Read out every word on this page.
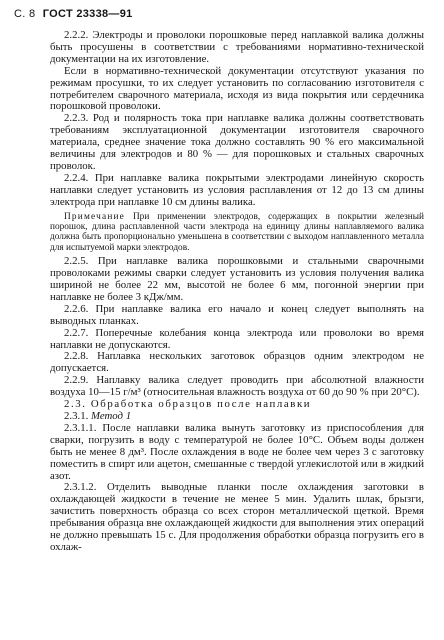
С. 8 ГОСТ 23338—91

2.2.2. Электроды и проволоки порошковые перед наплавкой валика должны быть просушены в соответствии с требованиями нормативно-технической документации на их изготовление.

Если в нормативно-технической документации отсутствуют указания по режимам просушки, то их следует установить по согласованию изготовителя с потребителем сварочного материала, исходя из вида покрытия или сердечника порошковой проволоки.

2.2.3. Род и полярность тока при наплавке валика должны соответствовать требованиям эксплуатационной документации изготовителя сварочного материала, среднее значение тока должно составлять 90 % его максимальной величины для электродов и 80 % — для порошковых и стальных сварочных проволок.

2.2.4. При наплавке валика покрытыми электродами линейную скорость наплавки следует установить из условия расплавления от 12 до 13 см длины электрода при наплавке 10 см длины валика.

Примечание При применении электродов, содержащих в покрытии железный порошок, длина расплавленной части электрода на единицу длины наплавляемого валика должна быть пропорционально уменьшена в соответствии с выходом наплавленного металла для испытуемой марки электродов.

2.2.5. При наплавке валика порошковыми и стальными сварочными проволоками режимы сварки следует установить из условия получения валика шириной не более 22 мм, высотой не более 6 мм, погонной энергии при наплавке не более 3 кДж/мм.

2.2.6. При наплавке валика его начало и конец следует выполнять на выводных планках.

2.2.7. Поперечные колебания конца электрода или проволоки во время наплавки не допускаются.

2.2.8. Наплавка нескольких заготовок образцов одним электродом не допускается.

2.2.9. Наплавку валика следует проводить при абсолютной влажности воздуха 10—15 г/м³ (относительная влажность воздуха от 60 до 90 % при 20°С).

2.3. Обработка образцов после наплавки

2.3.1. Метод 1

2.3.1.1. После наплавки валика вынуть заготовку из приспособления для сварки, погрузить в воду с температурой не более 10°С. Объем воды должен быть не менее 8 дм³. После охлаждения в воде не более чем через 3 с заготовку поместить в спирт или ацетон, смешанные с твердой углекислотой или в жидкий азот.

2.3.1.2. Отделить выводные планки после охлаждения заготовки в охлаждающей жидкости в течение не менее 5 мин. Удалить шлак, брызги, зачистить поверхность образца со всех сторон металлической щеткой. Время пребывания образца вне охлаждающей жидкости для выполнения этих операций не должно превышать 15 с. Для продолжения обработки образца погрузить его в охлаж-
